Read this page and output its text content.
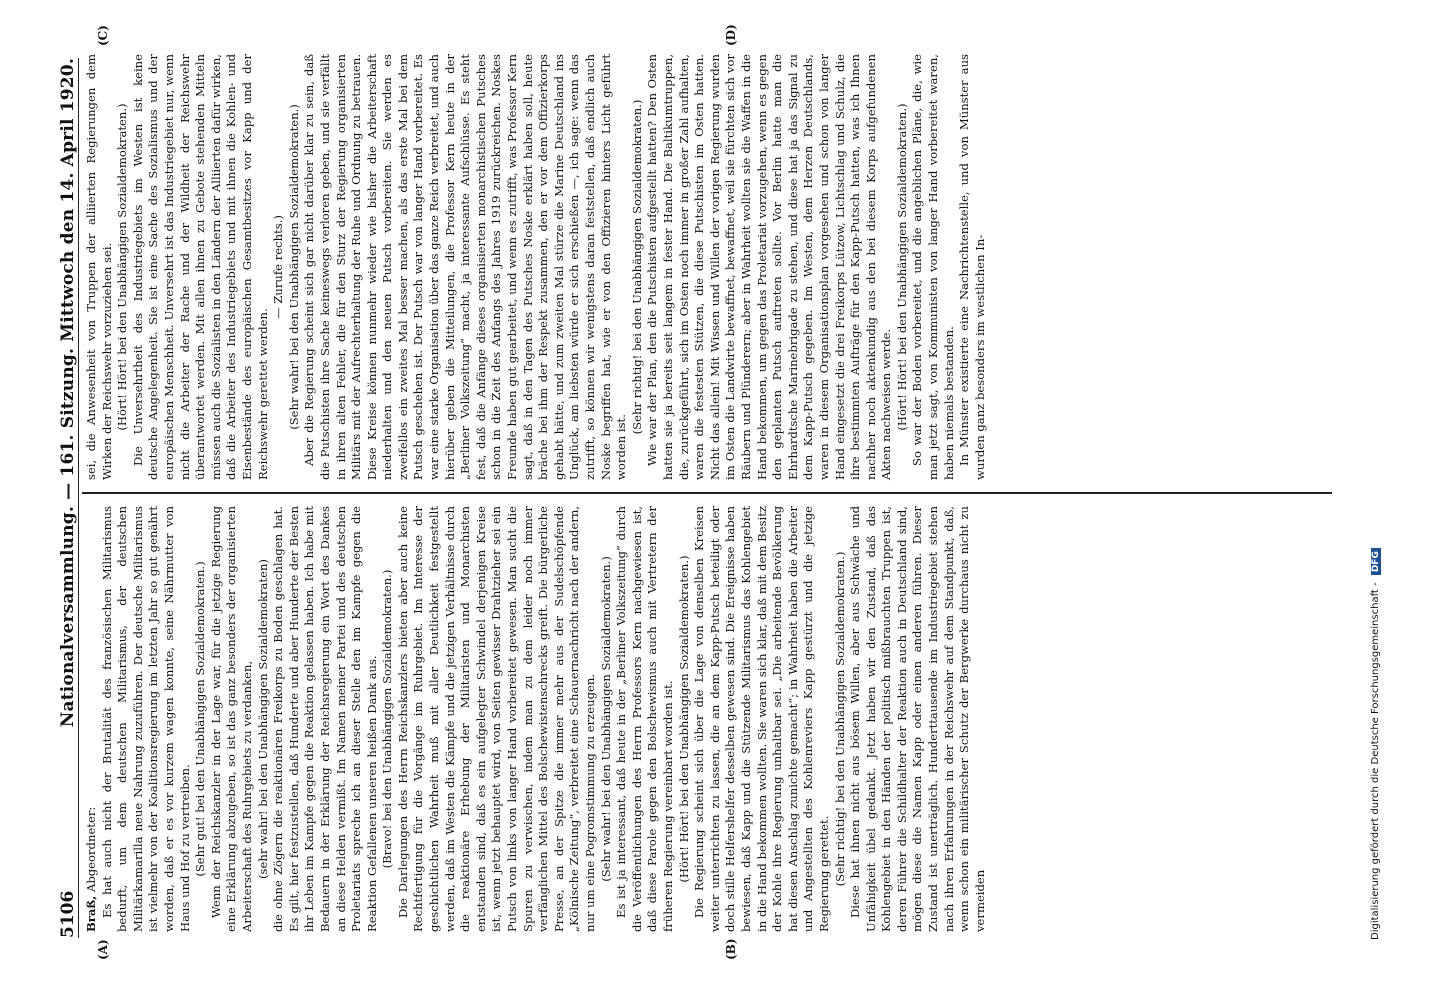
5106
Nationalversammlung. — 161. Sitzung. Mittwoch den 14. April 1920.
(A)	(B)
(C)	(D)

Braß, Abgeordneter: Es hat auch nicht der Brutalität des französischen Militarismus bedurft, um dem deutschen Militarismus, der deutschen Militärkamarilla neue Nahrung zuzuführen. Der deutsche Militarismus ist vielmehr von der Koalitionsregierung im letzten Jahr so gut genährt worden, daß er es vor kurzem wagen konnte, seine Nährmutter von Haus und Hof zu vertreiben. (Sehr gut! bei den Unabhängigen Sozialdemokraten.) Wenn der Reichskanzler in der Lage war, für die jetzige Regierung eine Erklärung abzugeben, so ist das ganz besonders der organisierten Arbeiterschaft des Ruhrgebiets zu verdanken, (sehr wahr! bei den Unabhängigen Sozialdemokraten) die ohne Zögern die reaktionären Freikorps zu Boden geschlagen hat. Es gilt, hier festzustellen, daß Hunderte und aber Hunderte der Besten ihr Leben im Kampfe gegen die Reaktion gelassen haben. Ich habe mit Bedauern in der Erklärung der Reichsregierung ein Wort des Dankes an diese Helden vermißt. Im Namen meiner Partei und des deutschen Proletariats spreche ich an dieser Stelle den im Kampfe gegen die Reaktion Gefallenen unseren heißen Dank aus. (Bravo! bei den Unabhängigen Sozialdemokraten.) Die Darlegungen des Herrn Reichskanzlers bieten aber auch keine Rechtfertigung für die Vorgänge im Ruhrgebiet. Im Interesse der geschichtlichen Wahrheit muß mit aller Deutlichkeit festgestellt werden, daß im Westen die Kämpfe und die jetzigen Verhältnisse durch die reaktionäre Erhebung der Militaristen und Monarchisten entstanden sind, daß es ein aufgelegter Schwindel derjenigen Kreise ist, wenn jetzt behauptet wird, von Seiten gewisser Drahtzieher sei ein Putsch von links von langer Hand vorbereitet gewesen. Man sucht die Spuren zu verwischen, indem man zu dem leider noch immer verfänglichen Mittel des Bolschewistenschrecks greift. Die bürgerliche Presse, an der Spitze die immer mehr aus der Sudelschöpfende „Kölnische Zeitung“, verbreitet eine Schauernachricht nach der andern, nur um eine Pogromstimmung zu erzeugen. (Sehr wahr! bei den Unabhängigen Sozialdemokraten.) Es ist ja interessant, daß heute in der „Berliner Volkszeitung“ durch die Veröffentlichungen des Herrn Professors Kern nachgewiesen ist, daß diese Parole gegen den Bolschewismus auch mit Vertretern der früheren Regierung vereinbart worden ist. (Hört! Hört! bei den Unabhängigen Sozialdemokraten.) Die Regierung scheint sich über die Lage von denselben Kreisen weiter unterrichten zu lassen, die an dem Kapp-Putsch beteiligt oder doch stille Helfershelfer desselben gewesen sind. Die Ereignisse haben bewiesen, daß Kapp und die Stützende Militarismus das Kohlengebiet in die Hand bekommen wollten. Sie waren sich klar, daß mit dem Besitz der Kohle ihre Regierung unhaltbar sei. „Die arbeitende Bevölkerung hat diesen Anschlag zunichte gemacht“; in Wahrheit haben die Arbeiter und Angestellten des Kohlenreviers Kapp gestürzt und die jetzige Regierung gerettet. (Sehr richtig! bei den Unabhängigen Sozialdemokraten.) Diese hat ihnen nicht aus bösem Willen, aber aus Schwäche und Unfähigkeit übel gedankt. Jetzt haben wir den Zustand, daß das Kohlengebiet in den Händen der politisch mißbrauchten Truppen ist, deren Führer die Schildhalter der Reaktion auch in Deutschland sind, mögen diese die Namen Kapp oder einen anderen führen. Dieser Zustand ist unerträglich. Hunderttausende im Industriegebiet stehen nach ihren Erfahrungen in der Reichswehr auf dem Standpunkt, daß, wenn schon ein militärischer Schutz der Bergwerke durchaus nicht zu vermeiden

sei, die Anwesenheit von Truppen der alliierten Regierungen dem Wirken der Reichswehr vorzuziehen sei. (Hört! Hört! bei den Unabhängigen Sozialdemokraten.) Die Unversehrtheit des Industriegebiets im Westen ist keine deutsche Angelegenheit. Sie ist eine Sache des Sozialismus und der europäischen Menschheit. Unversehrt ist das Industriegebiet nur, wenn nicht die Arbeiter der Rache und der Wildheit der Reichswehr überantwortet werden. Mit allen ihnen zu Gebote stehenden Mitteln müssen auch die Sozialisten in den Ländern der Alliierten dafür wirken, daß die Arbeiter des Industriegebiets und mit ihnen die Kohlen- und Eisenbestände des europäischen Gesamtbesitzes vor Kapp und der Reichswehr gerettet werden.

— Zurufe rechts.) (Sehr wahr! bei den Unabhängigen Sozialdemokraten.) Aber die Regierung scheint sich gar nicht darüber klar zu sein, daß die Putschisten ihre Sache keineswegs verloren geben, und sie verfällt in ihren alten Fehler, die für den Sturz der Regierung organisierten Militärs mit der Aufrechterhaltung der Ruhe und Ordnung zu betrauen. Diese Kreise können nunmehr wieder wie bisher die Arbeiterschaft niederhalten und den neuen Putsch vorbereiten. Sie werden es zweifellos ein zweites Mal besser machen, als das erste Mal bei dem Putsch geschehen ist. Der Putsch war von langer Hand vorbereitet. Es war eine starke Organisation über das ganze Reich verbreitet, und auch hierüber geben die Mitteilungen, die Professor Kern heute in der „Berliner Volkszeitung“ macht, ja interessante Aufschlüsse. Es steht fest, daß die Anfänge dieses organisierten monarchistischen Putsches schon in die Zeit des Anfangs des Jahres 1919 zurückreichen. Noskes Freunde haben gut gearbeitet, und wenn es zutrifft, was Professor Kern sagt, daß in den Tagen des Putsches Noske erklärt haben soll, heute bräche bei ihm der Respekt zusammen, den er vor dem Offizierkorps gehabt hätte, und zum zweiten Mal stürze die Marine Deutschland ins Unglück, am liebsten würde er sich erschießen —, ich sage: wenn das zutrifft, so können wir wenigstens daran feststellen, daß endlich auch Noske begriffen hat, wie er von den Offizieren hinters Licht geführt worden ist.

(Sehr richtig! bei den Unabhängigen Sozialdemokraten.) Wie war der Plan, den die Putschisten aufgestellt hatten? Den Osten hatten sie ja bereits seit langem in fester Hand. Die Baltikumtruppen, die, zurückgeführt, sich im Osten noch immer in großer Zahl aufhalten, waren die festesten Stützen, die diese Putschisten im Osten hatten. Nicht das allein! Mit Wissen und Willen der vorigen Regierung wurden im Osten die Landwirte bewaffnet, bewaffnet, weil sie fürchten sich vor Räubern und Plünderern; aber in Wahrheit wollten sie die Waffen in die Hand bekommen, um gegen das Proletariat vorzugehen, wenn es gegen den geplanten Putsch auftreten sollte. Vor Berlin hatte man die Ehrhardtsche Marinebrigade zu stehen, und diese hat ja das Signal zu dem Kapp-Putsch gegeben. Im Westen, dem Herzen Deutschlands, waren in diesem Organisationsplan vorgesehen und schon von langer Hand eingesetzt die drei Freikorps Lützow, Lichtschlag und Schulz, die ihre bestimmten Aufträge für den Kapp-Putsch hatten, was ich Ihnen nachher noch aktenkundig aus den bei diesem Korps aufgefundenen Akten nachweisen werde. (Hört! Hört! bei den Unabhängigen Sozialdemokraten.) So war der Boden vorbereitet, und die angeblichen Pläne, die, wie man jetzt sagt, von Kommunisten von langer Hand vorbereitet waren, haben niemals bestanden. In Münster existierte eine Nachrichtenstelle, und von Münster aus wurden ganz besonders im westlichen In-

Digitalisierung gefördert durch die Deutsche Forschungsgemeinschaft - DFG
